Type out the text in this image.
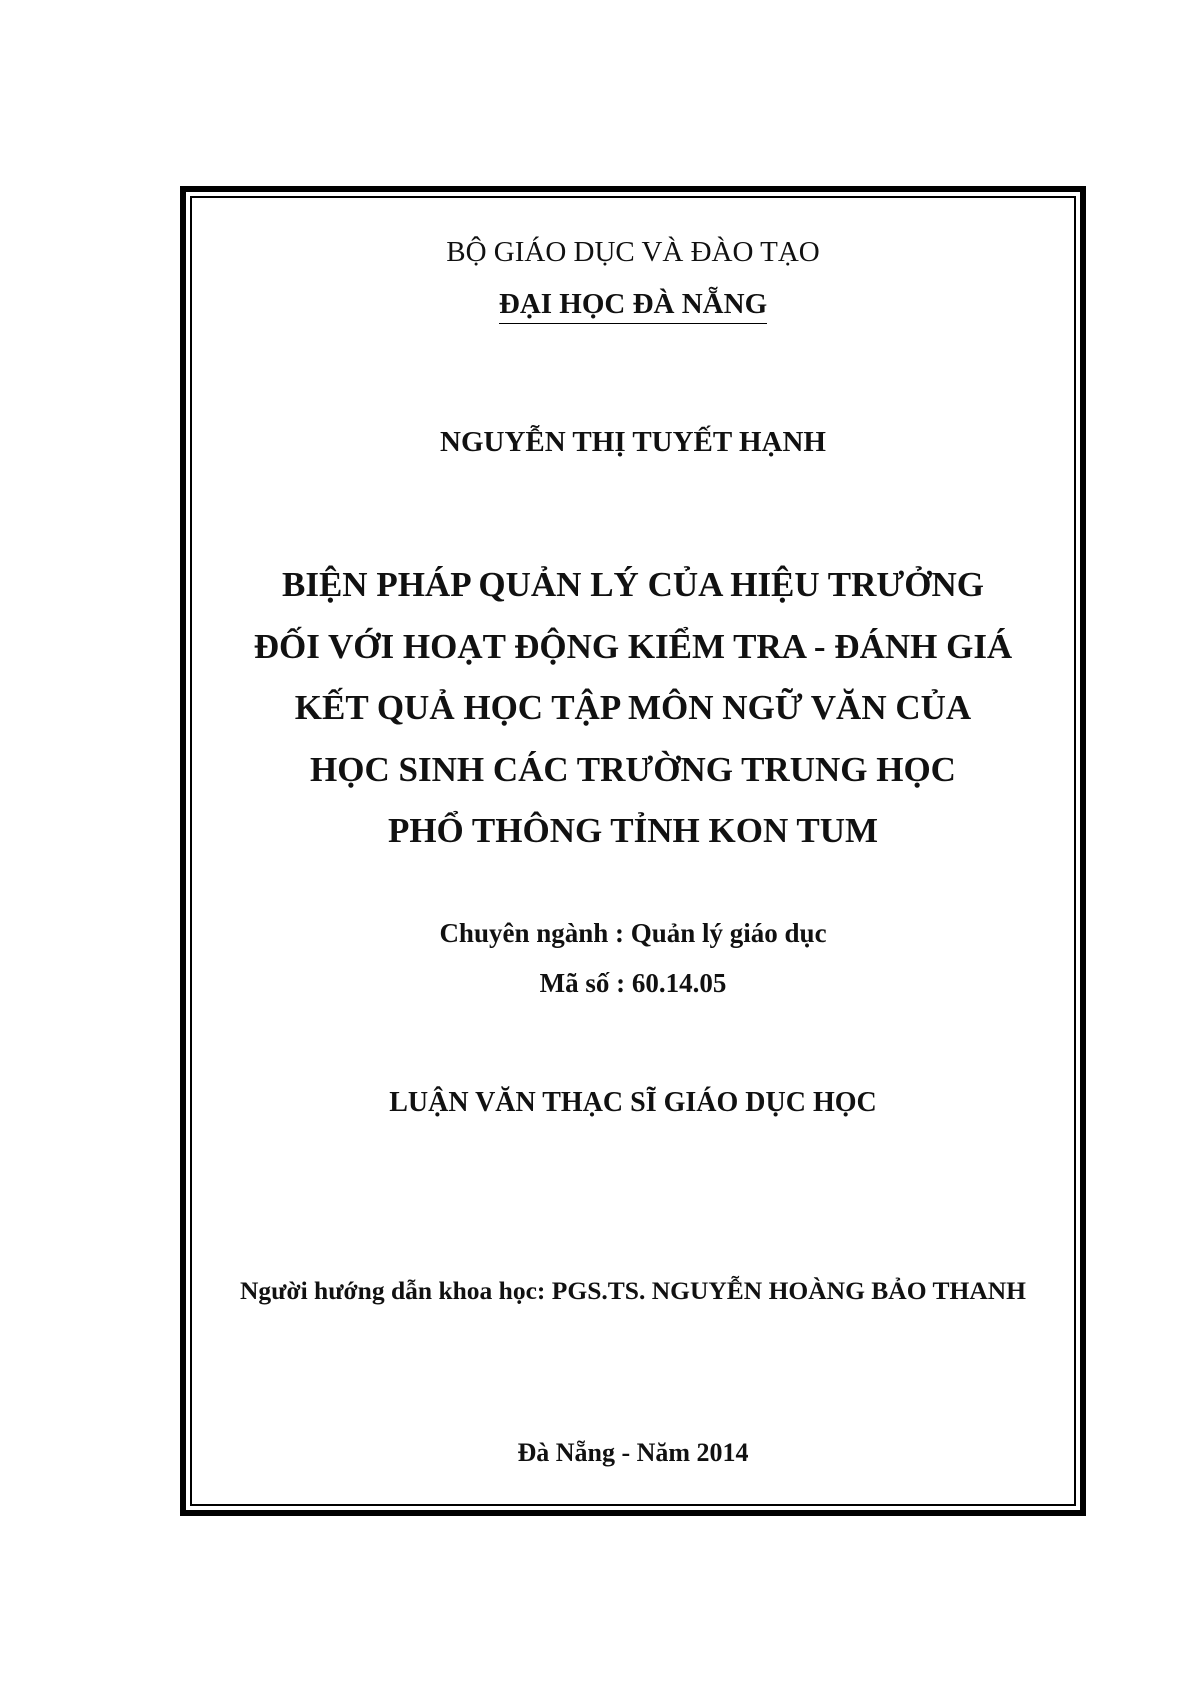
BỘ GIÁO DỤC VÀ ĐÀO TẠO
ĐẠI HỌC ĐÀ NẴNG
NGUYỄN THỊ TUYẾT HẠNH
BIỆN PHÁP QUẢN LÝ CỦA HIỆU TRƯỞNG
ĐỐI VỚI HOẠT ĐỘNG KIỂM TRA - ĐÁNH GIÁ
KẾT QUẢ HỌC TẬP MÔN NGỮ VĂN CỦA
HỌC SINH CÁC TRƯỜNG TRUNG HỌC
PHỔ THÔNG TỈNH KON TUM
Chuyên ngành : Quản lý giáo dục
Mã số : 60.14.05
LUẬN VĂN THẠC SĨ GIÁO DỤC HỌC
Người hướng dẫn khoa học: PGS.TS. NGUYỄN HOÀNG BẢO THANH
Đà Nẵng - Năm 2014
